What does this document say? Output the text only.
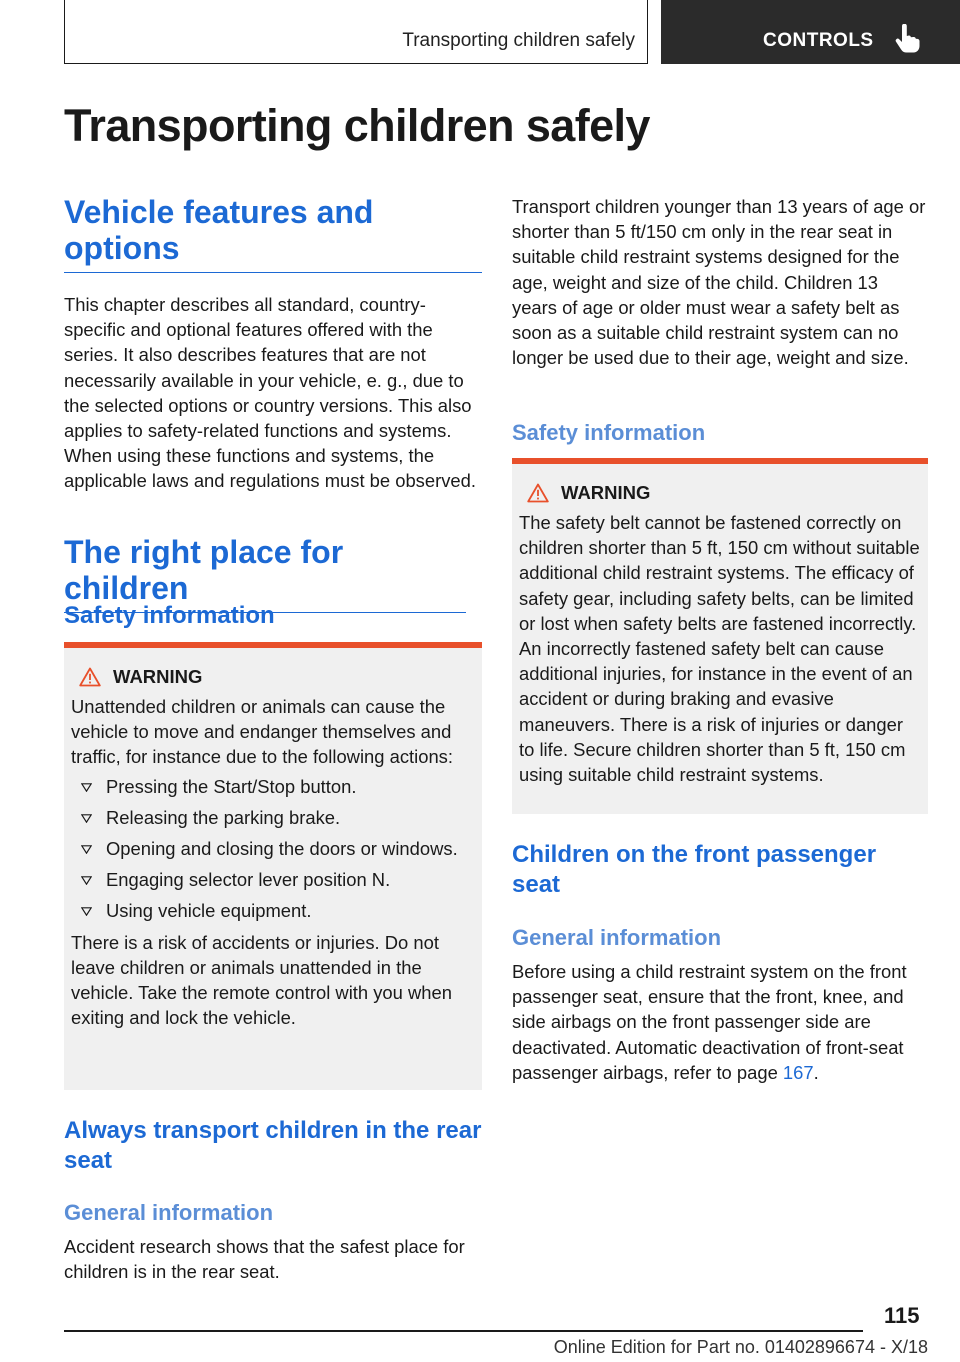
Transporting children safely	CONTROLS
Transporting children safely
Vehicle features and options

This chapter describes all standard, country-specific and optional features offered with the series. It also describes features that are not necessarily available in your vehicle, e. g., due to the selected options or country versions. This also applies to safety-related functions and systems. When using these functions and systems, the applicable laws and regulations must be observed.

The right place for children
Safety information
WARNING
Unattended children or animals can cause the vehicle to move and endanger themselves and traffic, for instance due to the following actions:
Pressing the Start/Stop button.
Releasing the parking brake.
Opening and closing the doors or windows.
Engaging selector lever position N.
Using vehicle equipment.
There is a risk of accidents or injuries. Do not leave children or animals unattended in the vehicle. Take the remote control with you when exiting and lock the vehicle.
Always transport children in the rear seat
General information

Accident research shows that the safest place for children is in the rear seat.

Transport children younger than 13 years of age or shorter than 5 ft/150 cm only in the rear seat in suitable child restraint systems designed for the age, weight and size of the child. Children 13 years of age or older must wear a safety belt as soon as a suitable child restraint system can no longer be used due to their age, weight and size.

Safety information
WARNING
The safety belt cannot be fastened correctly on children shorter than 5 ft, 150 cm without suitable additional child restraint systems. The efficacy of safety gear, including safety belts, can be limited or lost when safety belts are fastened incorrectly. An incorrectly fastened safety belt can cause additional injuries, for instance in the event of an accident or during braking and evasive maneuvers. There is a risk of injuries or danger to life. Secure children shorter than 5 ft, 150 cm using suitable child restraint systems.
Children on the front passenger seat
General information

Before using a child restraint system on the front passenger seat, ensure that the front, knee, and side airbags on the front passenger side are deactivated. Automatic deactivation of front-seat passenger airbags, refer to page 167.

115
Online Edition for Part no. 01402896674 - X/18
